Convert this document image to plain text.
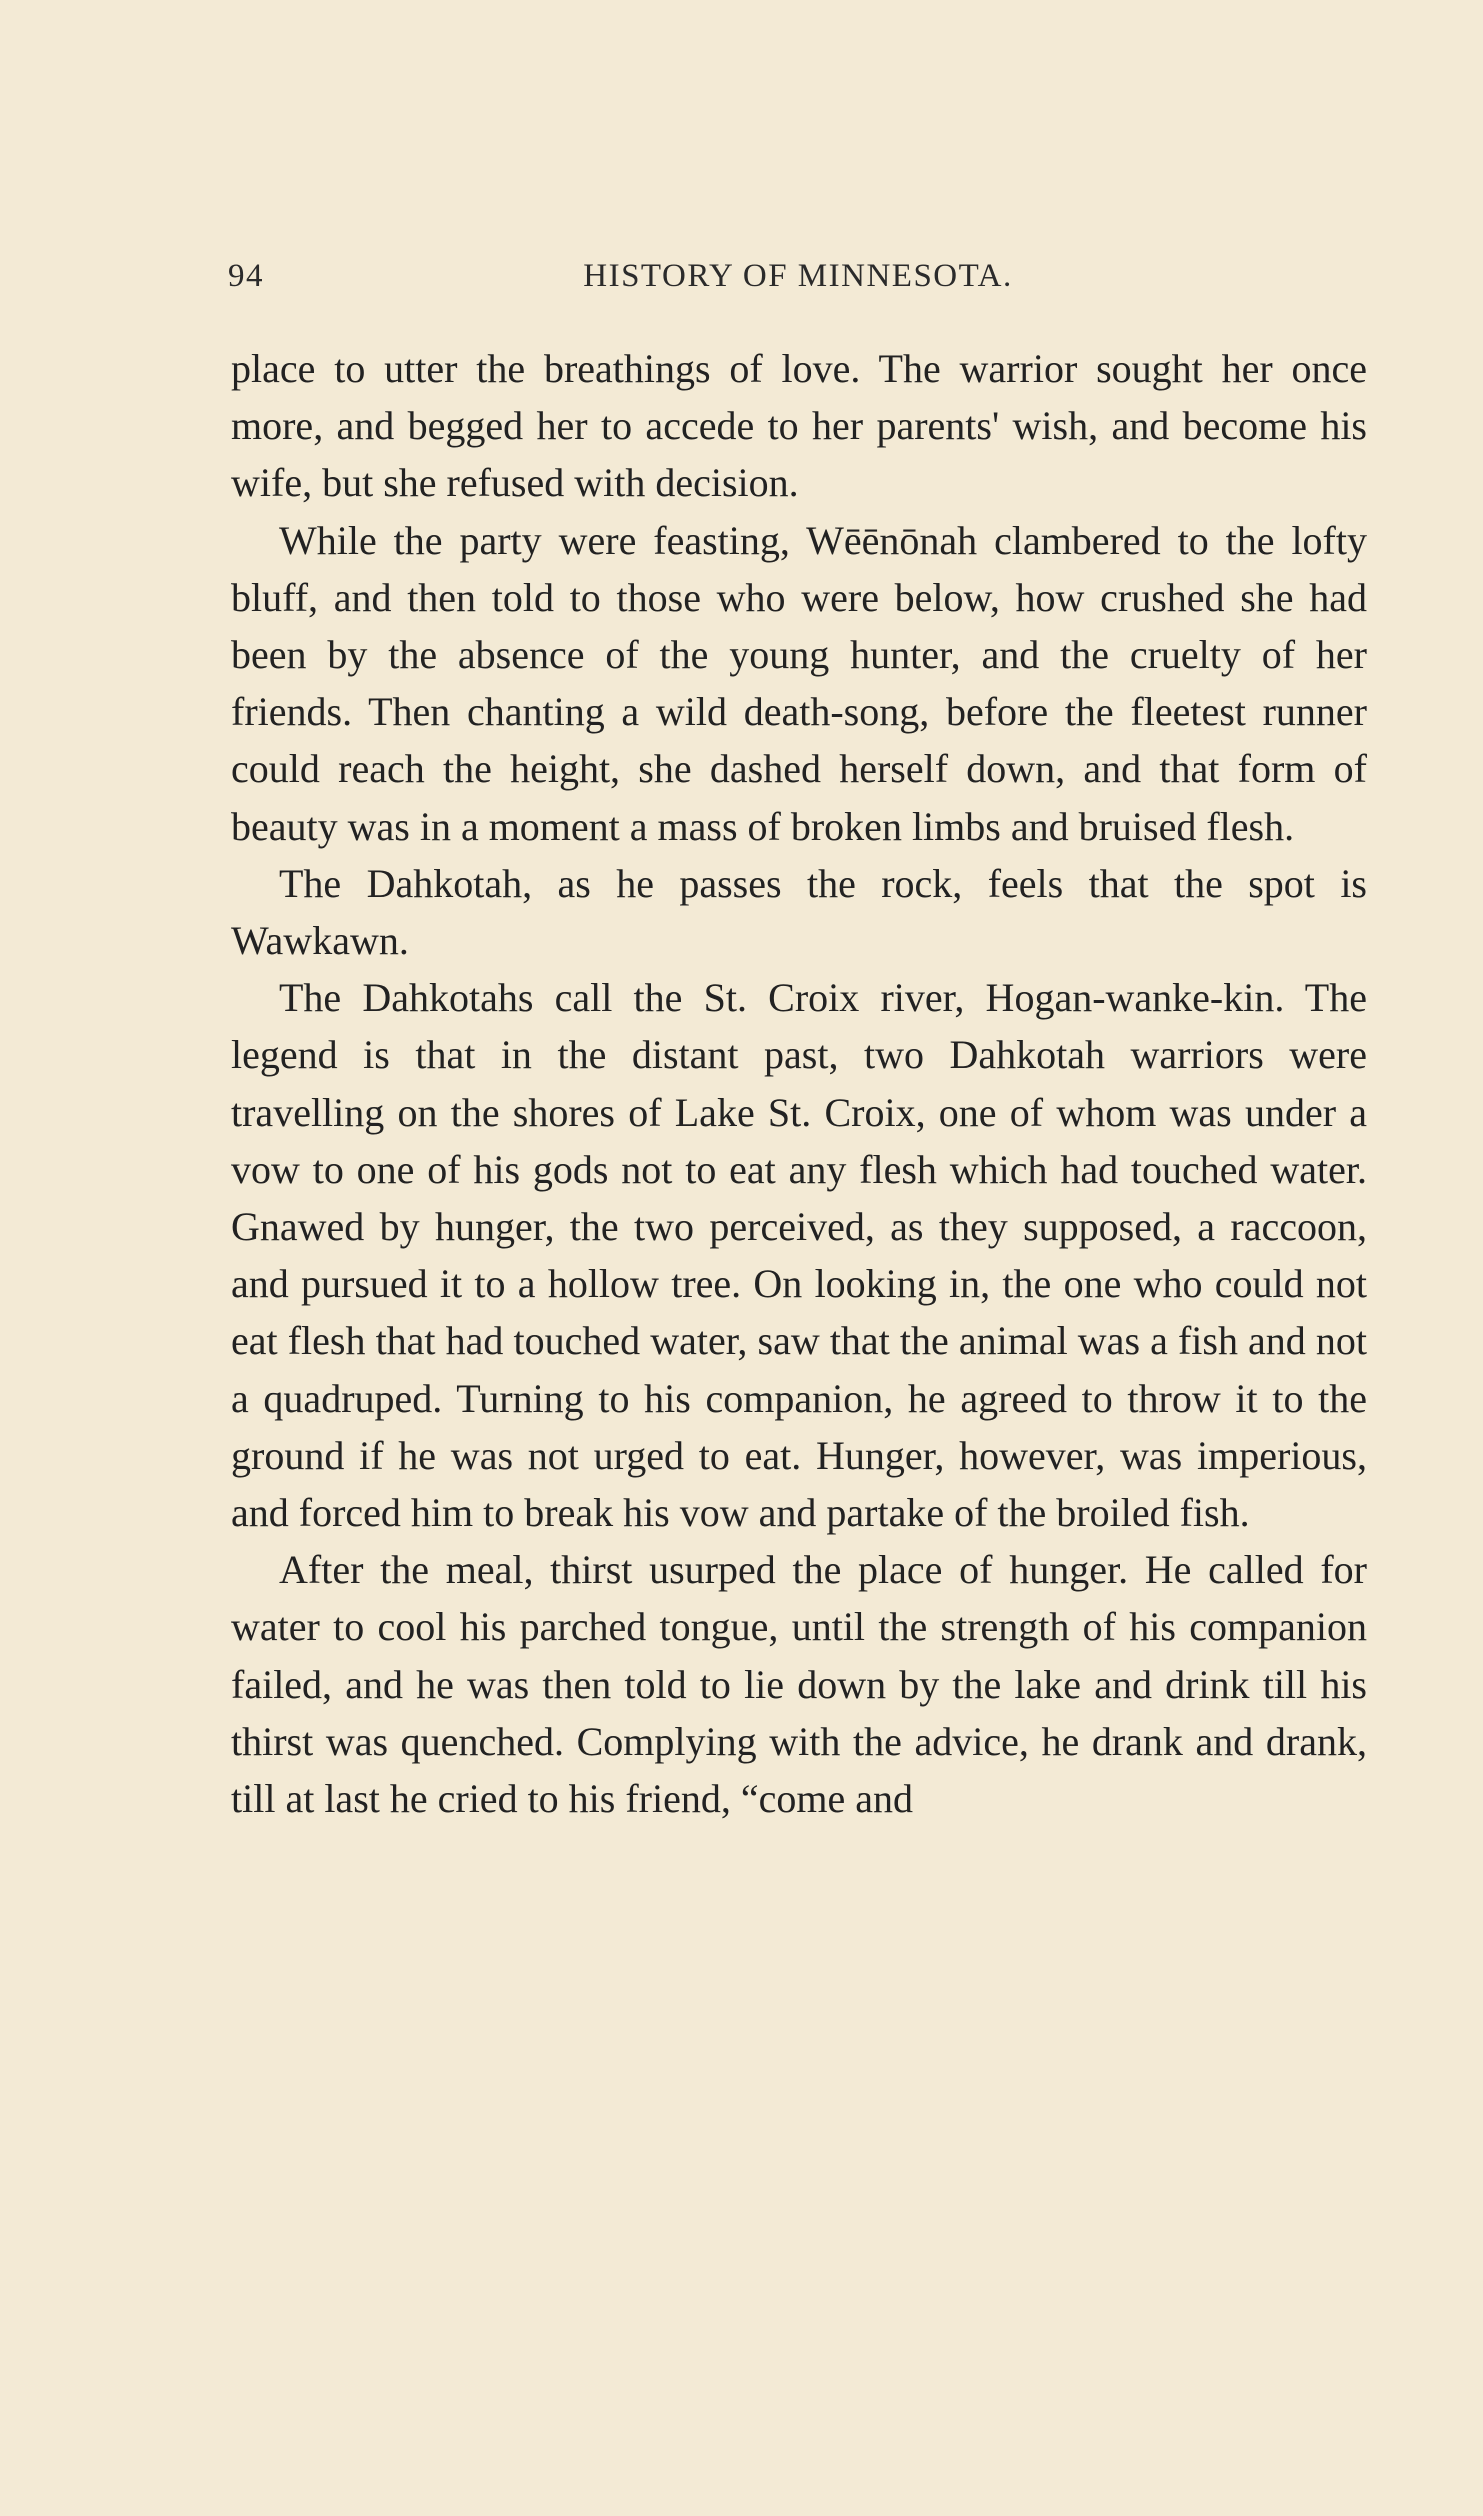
94	HISTORY OF MINNESOTA.

place to utter the breathings of love. The warrior sought her once more, and begged her to accede to her parents' wish, and become his wife, but she refused with decision.

While the party were feasting, Wēēnōnah clambered to the lofty bluff, and then told to those who were below, how crushed she had been by the absence of the young hunter, and the cruelty of her friends. Then chanting a wild death-song, before the fleetest runner could reach the height, she dashed herself down, and that form of beauty was in a moment a mass of broken limbs and bruised flesh.

The Dahkotah, as he passes the rock, feels that the spot is Wawkawn.

The Dahkotahs call the St. Croix river, Hogan-wanke-kin. The legend is that in the distant past, two Dahkotah warriors were travelling on the shores of Lake St. Croix, one of whom was under a vow to one of his gods not to eat any flesh which had touched water. Gnawed by hunger, the two perceived, as they supposed, a raccoon, and pursued it to a hollow tree. On looking in, the one who could not eat flesh that had touched water, saw that the animal was a fish and not a quadruped. Turning to his companion, he agreed to throw it to the ground if he was not urged to eat. Hunger, however, was imperious, and forced him to break his vow and partake of the broiled fish.

After the meal, thirst usurped the place of hunger. He called for water to cool his parched tongue, until the strength of his companion failed, and he was then told to lie down by the lake and drink till his thirst was quenched. Complying with the advice, he drank and drank, till at last he cried to his friend, “come and
